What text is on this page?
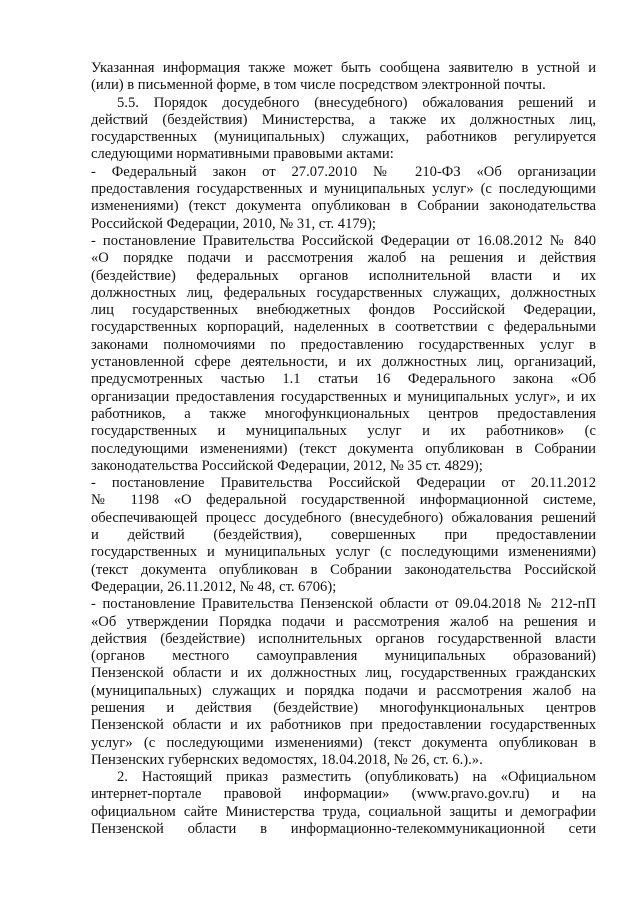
Указанная информация также может быть сообщена заявителю в устной и
(или) в письменной форме, в том числе посредством электронной почты.
5.5. Порядок досудебного (внесудебного) обжалования решений и
действий (бездействия) Министерства, а также их должностных лиц,
государственных (муниципальных) служащих, работников регулируется
следующими нормативными правовыми актами:
- Федеральный закон от 27.07.2010 № 210-ФЗ «Об организации
предоставления государственных и муниципальных услуг» (с последующими
изменениями) (текст документа опубликован в Собрании законодательства
Российской Федерации, 2010, № 31, ст. 4179);
- постановление Правительства Российской Федерации от 16.08.2012 № 840
«О порядке подачи и рассмотрения жалоб на решения и действия
(бездействие) федеральных органов исполнительной власти и их
должностных лиц, федеральных государственных служащих, должностных
лиц государственных внебюджетных фондов Российской Федерации,
государственных корпораций, наделенных в соответствии с федеральными
законами полномочиями по предоставлению государственных услуг в
установленной сфере деятельности, и их должностных лиц, организаций,
предусмотренных частью 1.1 статьи 16 Федерального закона «Об
организации предоставления государственных и муниципальных услуг», и их
работников, а также многофункциональных центров предоставления
государственных и муниципальных услуг и их работников» (с
последующими изменениями) (текст документа опубликован в Собрании
законодательства Российской Федерации, 2012, № 35 ст. 4829);
- постановление Правительства Российской Федерации от 20.11.2012
№ 1198 «О федеральной государственной информационной системе,
обеспечивающей процесс досудебного (внесудебного) обжалования решений
и действий (бездействия), совершенных при предоставлении
государственных и муниципальных услуг (с последующими изменениями)
(текст документа опубликован в Собрании законодательства Российской
Федерации, 26.11.2012, № 48, ст. 6706);
- постановление Правительства Пензенской области от 09.04.2018 № 212-пП
«Об утверждении Порядка подачи и рассмотрения жалоб на решения и
действия (бездействие) исполнительных органов государственной власти
(органов местного самоуправления муниципальных образований)
Пензенской области и их должностных лиц, государственных гражданских
(муниципальных) служащих и порядка подачи и рассмотрения жалоб на
решения и действия (бездействие) многофункциональных центров
Пензенской области и их работников при предоставлении государственных
услуг» (с последующими изменениями) (текст документа опубликован в
Пензенских губернских ведомостях, 18.04.2018, № 26, ст. 6.).».
2. Настоящий приказ разместить (опубликовать) на «Официальном
интернет-портале правовой информации» (www.pravo.gov.ru) и на
официальном сайте Министерства труда, социальной защиты и демографии
Пензенской области в информационно-телекоммуникационной сети
